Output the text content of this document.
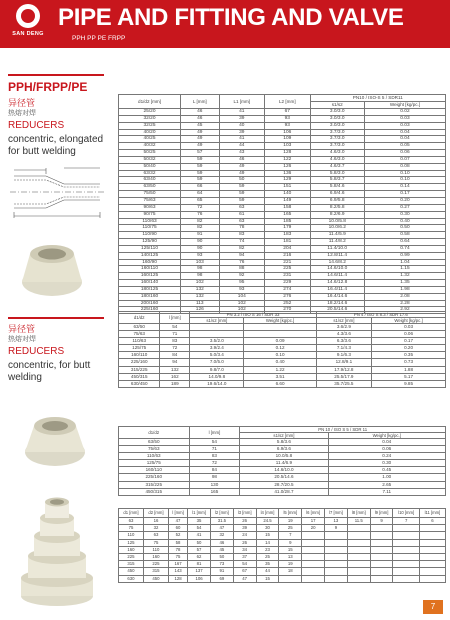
SAN DENG
PIPE AND FITTING AND VALVE
PPH PP PE FRPP
PPH/FRPP/PE
异径管
热熔对焊
REDUCERS
concentric, elongated for butt welding
异径管
热熔对焊
REDUCERS
concentric, for butt welding
d1/d2 [mm]	L [mm]	L1 [mm]	L2 [mm]	PN10 / ISO-S 5 / SDR11	
				s1/s2	Weight [kg/pc.]
25/20	46	41	67	3.0/3.0	0.02
32/20	46	39	93	3.0/3.0	0.03
32/25	45	40	93	3.0/3.0	0.03
40/20	49	39	106	3.7/3.0	0.04
40/25	49	41	109	3.7/3.0	0.04
40/32	49	44	103	3.7/3.0	0.05
50/25	57	43	128	4.6/3.0	0.06
50/32	59	46	122	4.6/3.0	0.07
50/40	59	49	126	4.6/3.7	0.08
63/32	59	49	136	5.8/3.0	0.10
63/40	59	50	129	5.8/3.7	0.10
63/50	66	59	151	5.8/4.6	0.14
75/50	64	59	140	6.9/4.6	0.17
75/63	65	59	149	6.9/5.8	0.20
90/63	72	63	158	8.2/5.8	0.27
90/75	76	61	165	8.2/6.9	0.30
110/63	82	63	185	10.0/5.8	0.40
110/75	82	78	179	10.0/6.2	0.50
110/90	91	83	183	11.4/5.9	0.58
125/90	90	74	181	11.4/8.2	0.64
125/110	90	82	204	11.4/10.0	0.74
140/125	93	94	216	12.8/11.4	0.99
160/90	103	76	221	14.6/8.2	1.04
160/110	98	88	225	14.6/10.0	1.15
160/125	98	92	231	14.6/11.4	1.32
160/140	102	95	229	14.6/12.8	1.35
180/125	132	93	274	16.4/11.4	1.98
180/160	132	104	276	16.4/14.6	2.08
200/160	113	102	252	18.2/14.6	2.28
225/160	126	102	270	20.5/14.6	2.92
d1/d2	l [mm]	PN 3.2 / ISO S 16 / SDR 33		PN 4 / ISO S 8.3 / SDR 17.6	
		s1/s2 [mm]	Weight [kg/pc.]	s1/s2 [mm]	Weight [kg/pc.]
63/50	54			3.6/2.9	0.03
75/63	71			4.3/3.6	0.06
110/63	83	3.5/2.0	0.09	6.3/3.6	0.17
125/75	72	3.9/2.4	0.12	7.1/4.3	0.20
160/110	84	5.0/3.4	0.10	9.1/6.3	0.35
225/160	94	7.0/5.0	0.40	12.8/9.1	0.73
315/225	132	9.8/7.0	1.22	17.9/12.8	1.88
450/315	162	14.0/9.8	3.51	25.5/17.9	5.17
630/450	189	19.6/14.0	6.60	35.7/25.5	9.85
d1/d2	l [mm]	PN 10 / ISO S 5 / SDR 11	
		s1/s2 [mm]	Weight [kg/pc.]
63/50	54	5.8/3.6	0.04
75/63	71	6.9/3.6	0.06
110/63	83	10.0/5.8	0.24
125/75	72	11.4/6.9	0.30
160/110	84	14.6/10.0	0.45
225/160	98	20.5/14.6	1.00
315/225	130	28.7/20.5	2.65
450/315	165	41.0/28.7	7.11
d1 [mm]	d2 [mm]	l [mm]	l1 [mm]	l2 [mm]	l3 [mm]	l4 [mm]	l5 [mm]	l6 [mm]	l7 [mm]	l8 [mm]	l9 [mm]	l10 [mm]	l11 [mm]
63	16	47	35	31.5	26	24.5	19	17	13	11.5	9	7	6
75	32	60	54	47	39	30	25	20	9				
110	63	52	41	32	24	15	7						
125	75	58	50	46	26	14	9						
160	110	78	57	45	34	23	15						
225	160	75	62	50	37	25	13						
315	225	167	81	73	54	35	19						
450	315	143	137	91	67	44	18						
630	450	128	106	69	47	15							
7
